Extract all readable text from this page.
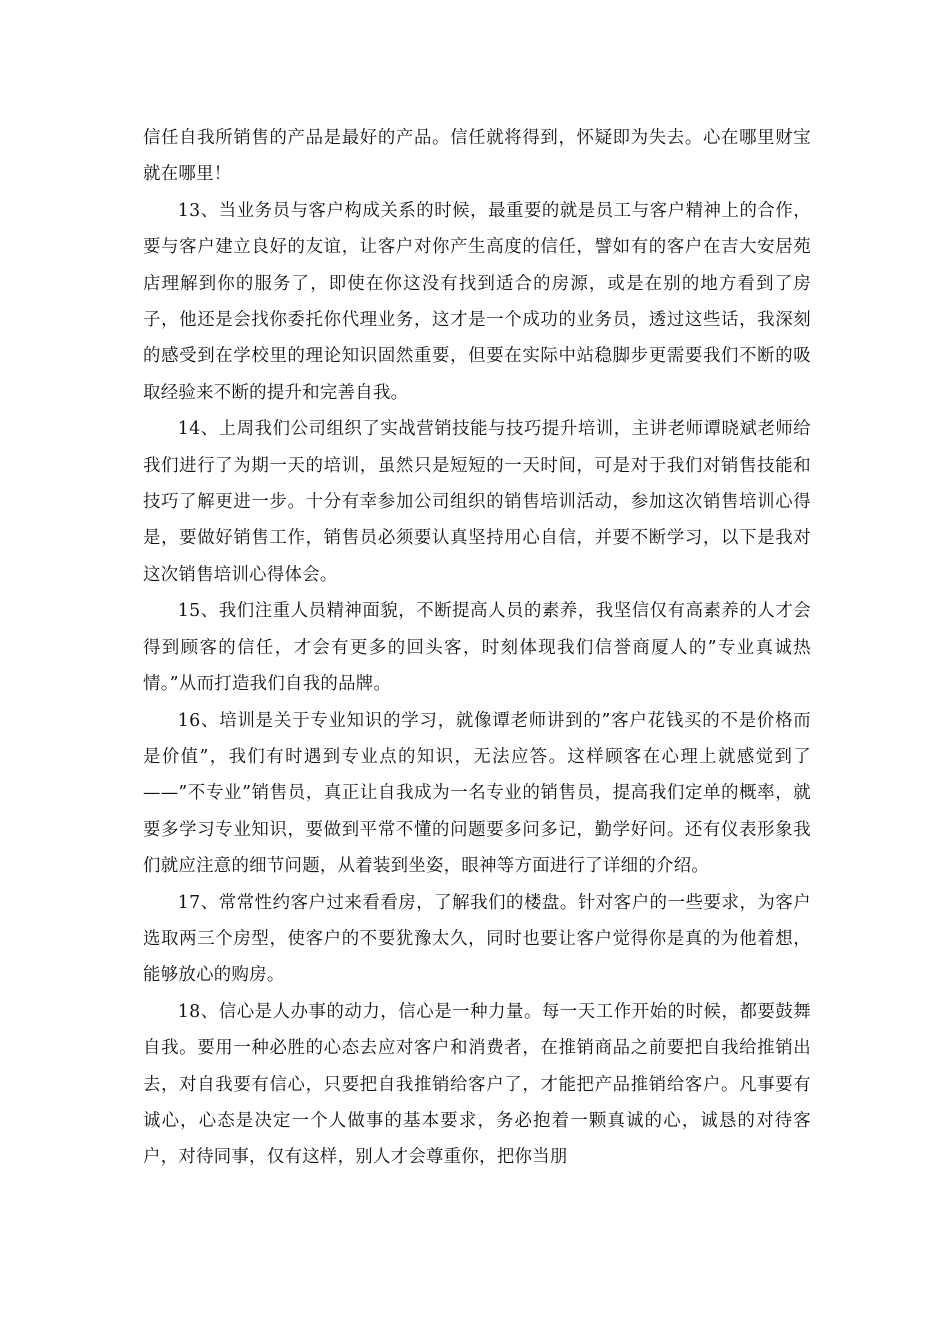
信任自我所销售的产品是最好的产品。信任就将得到，怀疑即为失去。心在哪里财宝就在哪里！

13、当业务员与客户构成关系的时候，最重要的就是员工与客户精神上的合作，要与客户建立良好的友谊，让客户对你产生高度的信任，譬如有的客户在吉大安居苑店理解到你的服务了，即使在你这没有找到适合的房源，或是在别的地方看到了房子，他还是会找你委托你代理业务，这才是一个成功的业务员，透过这些话，我深刻的感受到在学校里的理论知识固然重要，但要在实际中站稳脚步更需要我们不断的吸取经验来不断的提升和完善自我。

14、上周我们公司组织了实战营销技能与技巧提升培训，主讲老师谭晓斌老师给我们进行了为期一天的培训，虽然只是短短的一天时间，可是对于我们对销售技能和技巧了解更进一步。十分有幸参加公司组织的销售培训活动，参加这次销售培训心得是，要做好销售工作，销售员必须要认真坚持用心自信，并要不断学习，以下是我对这次销售培训心得体会。

15、我们注重人员精神面貌，不断提高人员的素养，我坚信仅有高素养的人才会得到顾客的信任，才会有更多的回头客，时刻体现我们信誉商厦人的”专业真诚热情。”从而打造我们自我的品牌。

16、培训是关于专业知识的学习，就像谭老师讲到的”客户花钱买的不是价格而是价值”，我们有时遇到专业点的知识，无法应答。这样顾客在心理上就感觉到了——”不专业”销售员，真正让自我成为一名专业的销售员，提高我们定单的概率，就要多学习专业知识，要做到平常不懂的问题要多问多记，勤学好问。还有仪表形象我们就应注意的细节问题，从着装到坐姿，眼神等方面进行了详细的介绍。

17、常常性约客户过来看看房，了解我们的楼盘。针对客户的一些要求，为客户选取两三个房型，使客户的不要犹豫太久，同时也要让客户觉得你是真的为他着想，能够放心的购房。

18、信心是人办事的动力，信心是一种力量。每一天工作开始的时候，都要鼓舞自我。要用一种必胜的心态去应对客户和消费者，在推销商品之前要把自我给推销出去，对自我要有信心，只要把自我推销给客户了，才能把产品推销给客户。凡事要有诚心，心态是决定一个人做事的基本要求，务必抱着一颗真诚的心，诚恳的对待客户，对待同事，仅有这样，别人才会尊重你，把你当朋
